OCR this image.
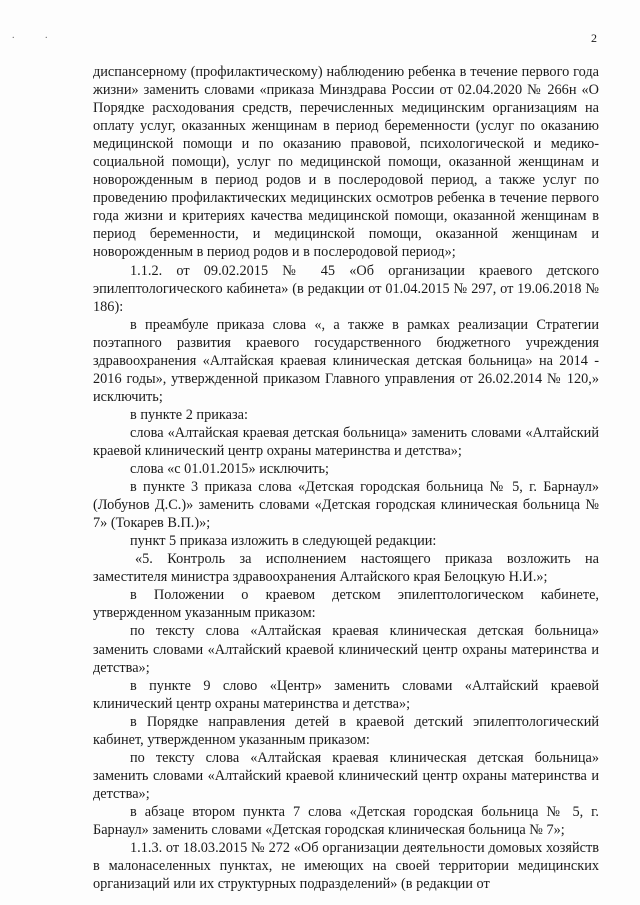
. .	2

диспансерному (профилактическому) наблюдению ребенка в течение первого года жизни» заменить словами «приказа Минздрава России от 02.04.2020 № 266н «О Порядке расходования средств, перечисленных медицинским организациям на оплату услуг, оказанных женщинам в период беременности (услуг по оказанию медицинской помощи и по оказанию правовой, психологической и медико-социальной помощи), услуг по медицинской помощи, оказанной женщинам и новорожденным в период родов и в послеродовой период, а также услуг по проведению профилактических медицинских осмотров ребенка в течение первого года жизни и критериях качества медицинской помощи, оказанной женщинам в период беременности, и медицинской помощи, оказанной женщинам и новорожденным в период родов и в послеродовой период»;

1.1.2. от 09.02.2015 № 45 «Об организации краевого детского эпилептологического кабинета» (в редакции от 01.04.2015 № 297, от 19.06.2018 № 186):

в преамбуле приказа слова «, а также в рамках реализации Стратегии поэтапного развития краевого государственного бюджетного учреждения здравоохранения «Алтайская краевая клиническая детская больница» на 2014 - 2016 годы», утвержденной приказом Главного управления от 26.02.2014 № 120,» исключить;

в пункте 2 приказа:

слова «Алтайская краевая детская больница» заменить словами «Алтайский краевой клинический центр охраны материнства и детства»;

слова «с 01.01.2015» исключить;

в пункте 3 приказа слова «Детская городская больница № 5, г. Барнаул» (Лобунов Д.С.)» заменить словами «Детская городская клиническая больница № 7» (Токарев В.П.)»;

пункт 5 приказа изложить в следующей редакции:

«5. Контроль за исполнением настоящего приказа возложить на заместителя министра здравоохранения Алтайского края Белоцкую Н.И.»;

в Положении о краевом детском эпилептологическом кабинете, утвержденном указанным приказом:

по тексту слова «Алтайская краевая клиническая детская больница» заменить словами «Алтайский краевой клинический центр охраны материнства и детства»;

в пункте 9 слово «Центр» заменить словами «Алтайский краевой клинический центр охраны материнства и детства»;

в Порядке направления детей в краевой детский эпилептологический кабинет, утвержденном указанным приказом:

по тексту слова «Алтайская краевая клиническая детская больница» заменить словами «Алтайский краевой клинический центр охраны материнства и детства»;

в абзаце втором пункта 7 слова «Детская городская больница № 5, г. Барнаул» заменить словами «Детская городская клиническая больница № 7»;

1.1.3. от 18.03.2015 № 272 «Об организации деятельности домовых хозяйств в малонаселенных пунктах, не имеющих на своей территории медицинских организаций или их структурных подразделений» (в редакции от
